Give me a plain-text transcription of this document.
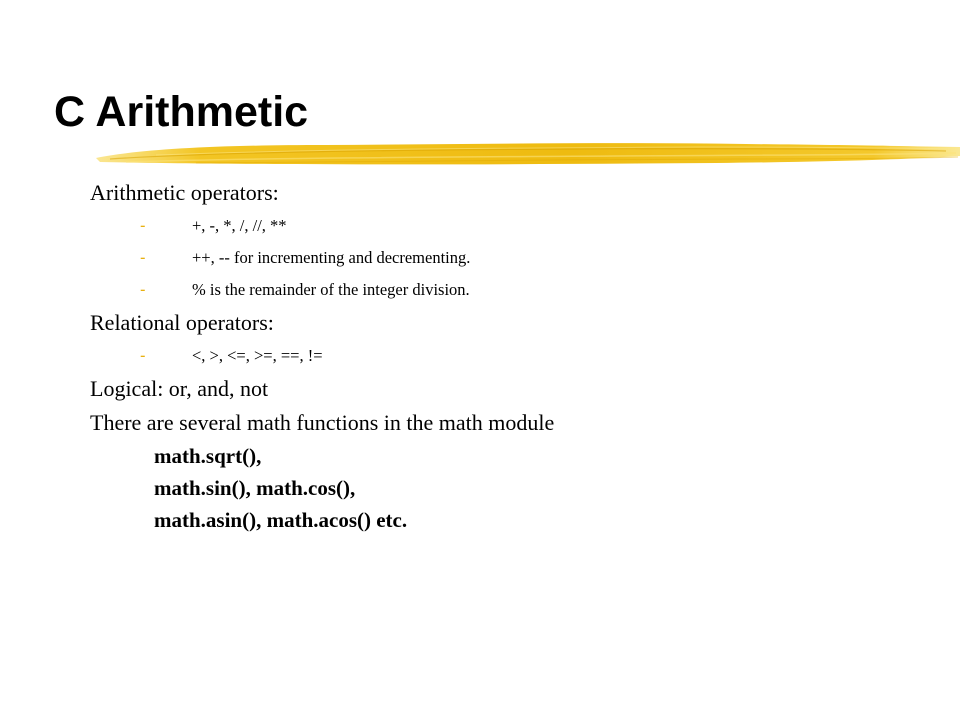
C Arithmetic
Arithmetic operators:
-	+, -, *, /, //, **
-	++, -- for incrementing and decrementing.
-	% is the remainder of the integer division.
Relational operators:
-	<, >, <=, >=, ==, !=
Logical: or, and, not
There are several math functions in the math module
math.sqrt(),
math.sin(), math.cos(),
math.asin(), math.acos() etc.
